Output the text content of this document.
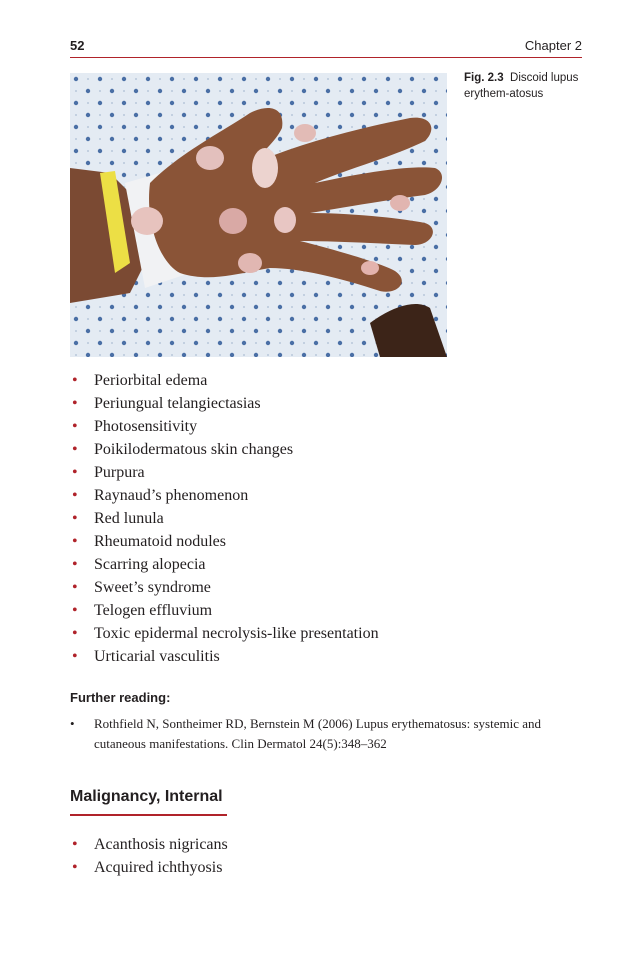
52	Chapter 2
Fig. 2.3 Discoid lupus erythem-atosus
• Periorbital edema
• Periungual telangiectasias
• Photosensitivity
• Poikilodermatous skin changes
• Purpura
• Raynaud’s phenomenon
• Red lunula
• Rheumatoid nodules
• Scarring alopecia
• Sweet’s syndrome
• Telogen effluvium
• Toxic epidermal necrolysis-like presentation
• Urticarial vasculitis
Further reading:
• Rothfield N, Sontheimer RD, Bernstein M (2006) Lupus erythematosus: systemic and cutaneous manifestations. Clin Dermatol 24(5):348–362
Malignancy, Internal
• Acanthosis nigricans
• Acquired ichthyosis
